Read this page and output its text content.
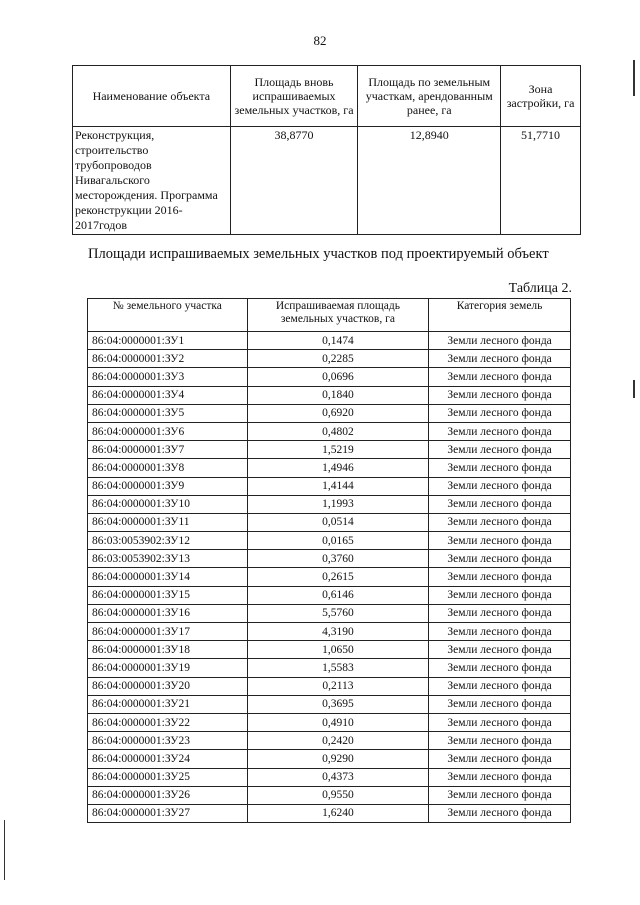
82
Наименование объекта	Площадь вновь испрашиваемых земельных участков, га	Площадь по земельным участкам, арендованным ранее, га	Зона застройки, га
Реконструкция, строительство трубопроводов Нивагальского месторождения. Программа реконструкции 2016-2017годов	38,8770	12,8940	51,7710
Площади испрашиваемых земельных участков под проектируемый объект
Таблица 2.
№ земельного участка	Испрашиваемая площадь земельных участков, га	Категория земель
86:04:0000001:ЗУ1	0,1474	Земли лесного фонда
86:04:0000001:ЗУ2	0,2285	Земли лесного фонда
86:04:0000001:ЗУ3	0,0696	Земли лесного фонда
86:04:0000001:ЗУ4	0,1840	Земли лесного фонда
86:04:0000001:ЗУ5	0,6920	Земли лесного фонда
86:04:0000001:ЗУ6	0,4802	Земли лесного фонда
86:04:0000001:ЗУ7	1,5219	Земли лесного фонда
86:04:0000001:ЗУ8	1,4946	Земли лесного фонда
86:04:0000001:ЗУ9	1,4144	Земли лесного фонда
86:04:0000001:ЗУ10	1,1993	Земли лесного фонда
86:04:0000001:ЗУ11	0,0514	Земли лесного фонда
86:03:0053902:ЗУ12	0,0165	Земли лесного фонда
86:03:0053902:ЗУ13	0,3760	Земли лесного фонда
86:04:0000001:ЗУ14	0,2615	Земли лесного фонда
86:04:0000001:ЗУ15	0,6146	Земли лесного фонда
86:04:0000001:ЗУ16	5,5760	Земли лесного фонда
86:04:0000001:ЗУ17	4,3190	Земли лесного фонда
86:04:0000001:ЗУ18	1,0650	Земли лесного фонда
86:04:0000001:ЗУ19	1,5583	Земли лесного фонда
86:04:0000001:ЗУ20	0,2113	Земли лесного фонда
86:04:0000001:ЗУ21	0,3695	Земли лесного фонда
86:04:0000001:ЗУ22	0,4910	Земли лесного фонда
86:04:0000001:ЗУ23	0,2420	Земли лесного фонда
86:04:0000001:ЗУ24	0,9290	Земли лесного фонда
86:04:0000001:ЗУ25	0,4373	Земли лесного фонда
86:04:0000001:ЗУ26	0,9550	Земли лесного фонда
86:04:0000001:ЗУ27	1,6240	Земли лесного фонда
